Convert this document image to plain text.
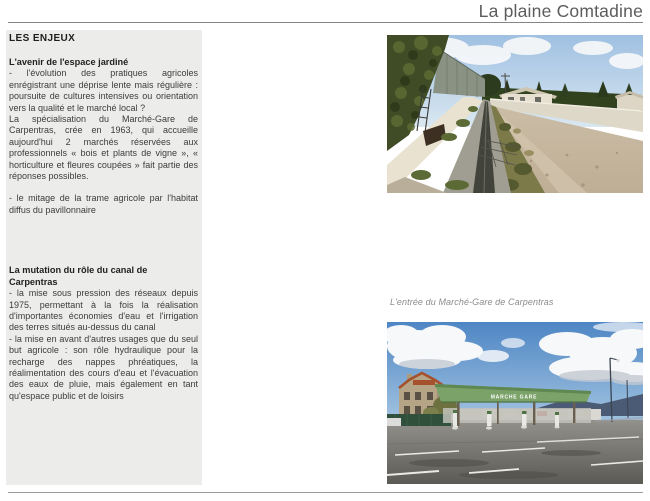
La plaine Comtadine
LES ENJEUX
L'avenir de l'espace jardiné

- l'évolution des pratiques agricoles enrégistrant une déprise lente mais régulière : poursuite de cultures intensives ou orientation vers la qualité et le marché local ?

La spécialisation du Marché-Gare de Carpentras, crée en 1963, qui accueille aujourd'hui 2 marchés réservées aux professionnels « bois et plants de vigne », « horticulture et fleures coupées » fait partie des réponses possibles.

- le mitage de la trame agricole par l'habitat diffus du pavillonnaire

La mutation du rôle du canal de Carpentras

- la mise sous pression des réseaux depuis 1975, permettant à la fois la réalisation d'importantes économies d'eau et l'irrigation des terres situés au-dessus du canal

- la mise en avant d'autres usages que du seul but agricole : son rôle hydraulique pour la recharge des nappes phréatiques, la réalimentation des cours d'eau et l'évacuation des eaux de pluie, mais également en tant qu'espace public et de loisirs

L'entrée du Marché-Gare de Carpentras
MARCHE GARE
